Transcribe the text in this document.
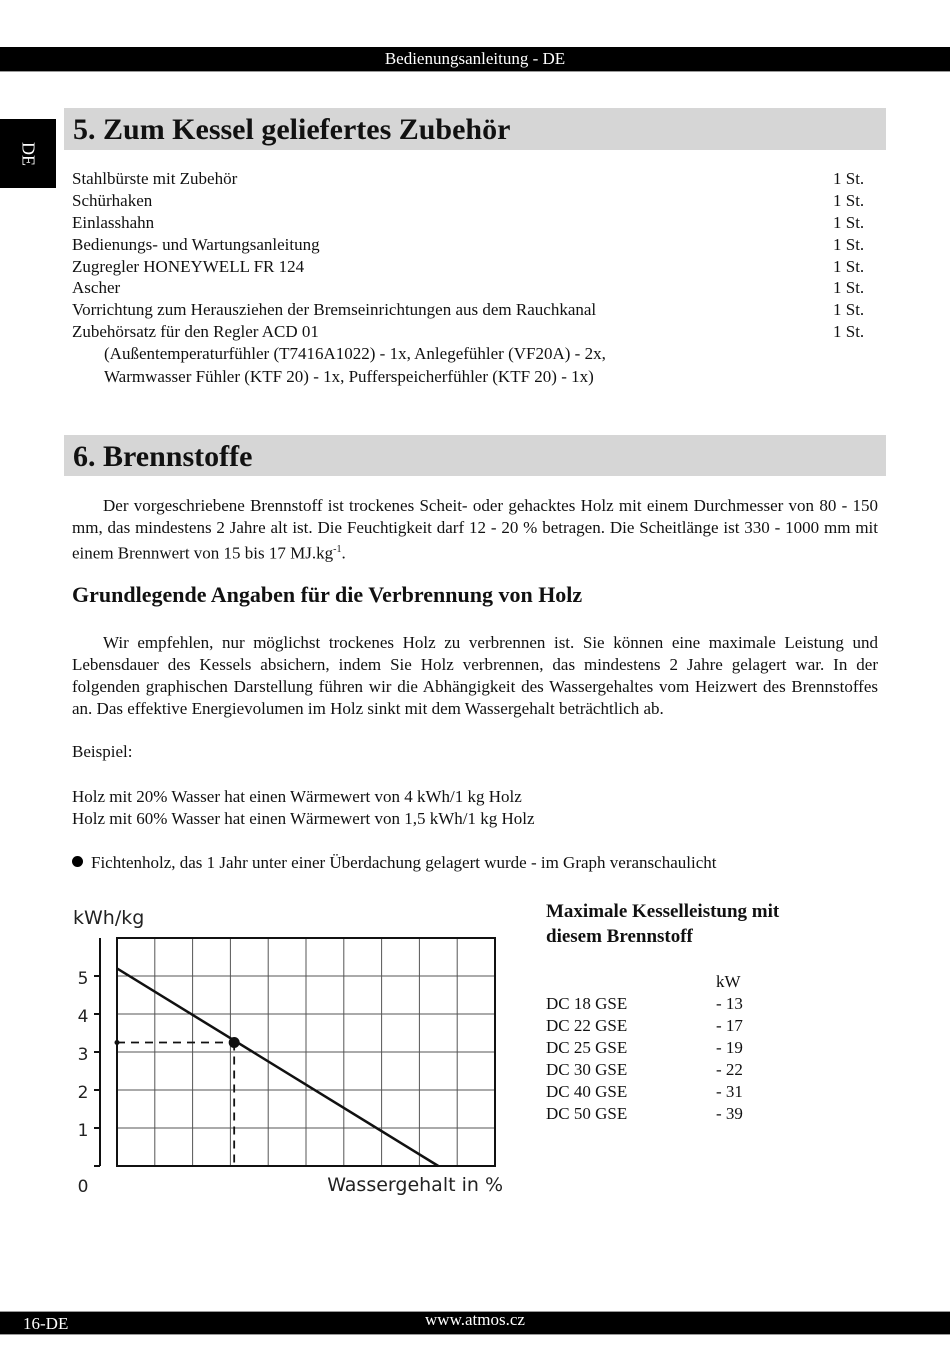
Bedienungsanleitung - DE
DE
5. Zum Kessel geliefertes Zubehör
Stahlbürste mit Zubehör	1 St.
Schürhaken	1 St.
Einlasshahn	1 St.
Bedienungs- und Wartungsanleitung	1 St.
Zugregler HONEYWELL FR 124	1 St.
Ascher	1 St.
Vorrichtung zum Herausziehen der Bremseinrichtungen aus dem Rauchkanal	1 St.
Zubehörsatz für den Regler ACD 01	1 St.
(Außentemperaturfühler (T7416A1022) - 1x, Anlegefühler (VF20A) - 2x,
Warmwasser Fühler (KTF 20) - 1x, Pufferspeicherfühler (KTF 20) - 1x)
6. Brennstoffe

Der vorgeschriebene Brennstoff ist trockenes Scheit- oder gehacktes Holz mit einem Durchmesser von 80 - 150 mm, das mindestens 2 Jahre alt ist. Die Feuchtigkeit darf 12 - 20 % betragen. Die Scheitlänge ist 330 - 1000 mm mit einem Brennwert von 15 bis 17 $MJ.kg^{-1}$.

Grundlegende Angaben für die Verbrennung von Holz

Wir empfehlen, nur möglichst trockenes Holz zu verbrennen ist. Sie können eine maximale Leistung und Lebensdauer des Kessels absichern, indem Sie Holz verbrennen, das mindestens 2 Jahre gelagert war. In der folgenden graphischen Darstellung führen wir die Abhängigkeit des Wassergehaltes vom Heizwert des Brennstoffes an. Das effektive Energievolumen im Holz sinkt mit dem Wassergehalt beträchtlich ab.

Beispiel:

Holz mit 20% Wasser hat einen Wärmewert von 4 kWh/1 kg Holz

Holz mit 60% Wasser hat einen Wärmewert von 1,5 kWh/1 kg Holz

Fichtenholz, das 1 Jahr unter einer Überdachung gelagert wurde - im Graph veranschaulicht

kWh/kg
Wassergehalt in %
0
1
2
3
4
5
Maximale Kesselleistung mit
diesem Brennstoff
kW
DC 18 GSE	- 13
DC 22 GSE	- 17
DC 25 GSE	- 19
DC 30 GSE	- 22
DC 40 GSE	- 31
DC 50 GSE	- 39
16-DE	www.atmos.cz
